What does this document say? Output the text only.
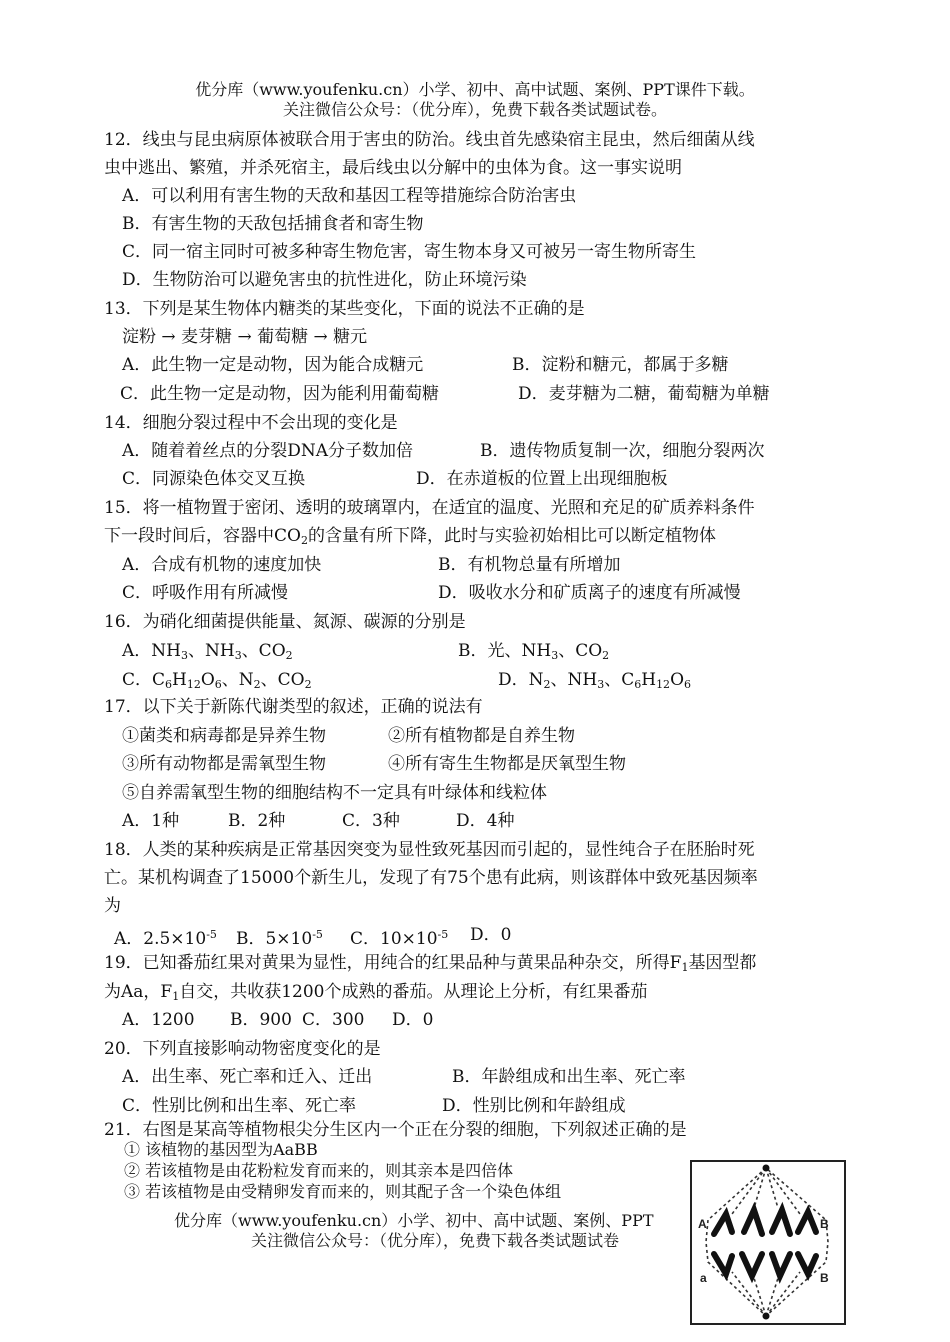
优分库（www.youfenku.cn）小学、初中、高中试题、案例、PPT课件下载。
关注微信公众号：（优分库），免费下载各类试题试卷。
12．线虫与昆虫病原体被联合用于害虫的防治。线虫首先感染宿主昆虫，然后细菌从线
虫中逃出、繁殖，并杀死宿主，最后线虫以分解中的虫体为食。这一事实说明
A．可以利用有害生物的天敌和基因工程等措施综合防治害虫
B．有害生物的天敌包括捕食者和寄生物
C．同一宿主同时可被多种寄生物危害，寄生物本身又可被另一寄生物所寄生
D．生物防治可以避免害虫的抗性进化，防止环境污染
13．下列是某生物体内糖类的某些变化，下面的说法不正确的是
淀粉 → 麦芽糖 → 葡萄糖 → 糖元
A．此生物一定是动物，因为能合成糖元	B．淀粉和糖元，都属于多糖
C．此生物一定是动物，因为能利用葡萄糖	D．麦芽糖为二糖，葡萄糖为单糖
14．细胞分裂过程中不会出现的变化是
A．随着着丝点的分裂DNA分子数加倍	B．遗传物质复制一次，细胞分裂两次
C．同源染色体交叉互换	D．在赤道板的位置上出现细胞板
15．将一植物置于密闭、透明的玻璃罩内，在适宜的温度、光照和充足的矿质养料条件
下一段时间后，容器中$CO_2$的含量有所下降，此时与实验初始相比可以断定植物体
A．合成有机物的速度加快	B．有机物总量有所增加
C．呼吸作用有所减慢	D．吸收水分和矿质离子的速度有所减慢
16．为硝化细菌提供能量、氮源、碳源的分别是
A．$NH_3$、$NH_3$、$CO_2$	B．光、$NH_3$、$CO_2$
C．$C_6H_{12}O_6$、$N_2$、$CO_2$	D．$N_2$、$NH_3$、$C_6H_{12}O_6$
17．以下关于新陈代谢类型的叙述，正确的说法有
①菌类和病毒都是异养生物	②所有植物都是自养生物
③所有动物都是需氧型生物	④所有寄生生物都是厌氧型生物
⑤自养需氧型生物的细胞结构不一定具有叶绿体和线粒体
A．1种	B．2种	C．3种	D．4种
18．人类的某种疾病是正常基因突变为显性致死基因而引起的，显性纯合子在胚胎时死
亡。某机构调查了15000个新生儿，发现了有75个患有此病，则该群体中致死基因频率
为
A．$2.5\times 10^{-5}$ B．$5\times 10^{-5}$ C．$10\times 10^{-5}$ D．0
19．已知番茄红果对黄果为显性，用纯合的红果品种与黄果品种杂交，所得$F_1$基因型都
为Aa，$F_1$自交，共收获1200个成熟的番茄。从理论上分析，有红果番茄
A．1200 B．900 C．300 D．0
20．下列直接影响动物密度变化的是
A．出生率、死亡率和迁入、迁出	B．年龄组成和出生率、死亡率
C．性别比例和出生率、死亡率	D．性别比例和年龄组成
21．右图是某高等植物根尖分生区内一个正在分裂的细胞，下列叙述正确的是
① 该植物的基因型为AaBB
② 若该植物是由花粉粒发育而来的，则其亲本是四倍体
③ 若该植物是由受精卵发育而来的，则其配子含一个染色体组
优分库（www.youfenku.cn）小学、初中、高中试题、案例、PPT
关注微信公众号：（优分库），免费下载各类试题试卷
A	B
a	B
